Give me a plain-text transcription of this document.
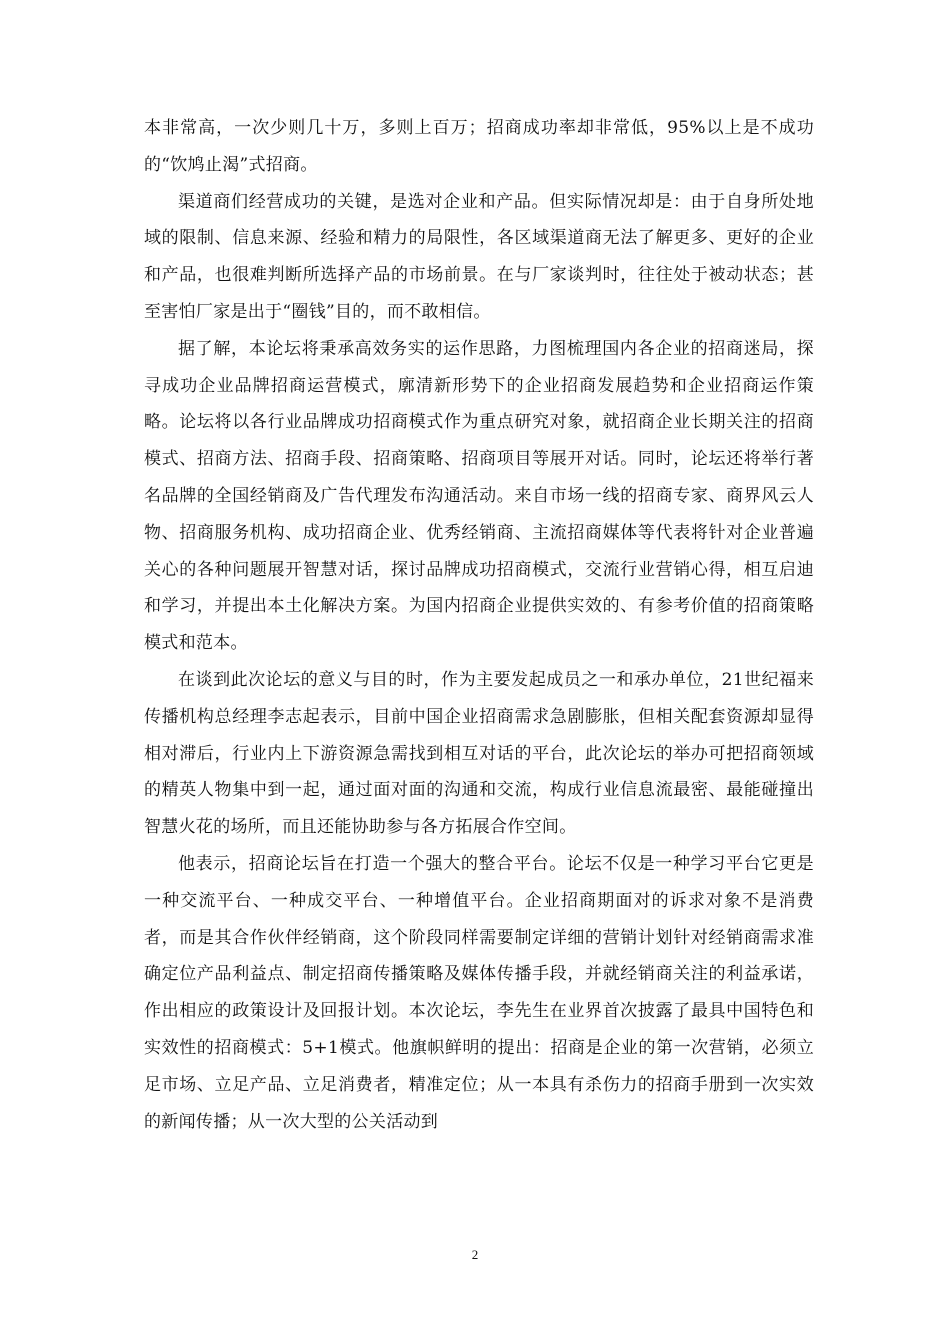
本非常高，一次少则几十万，多则上百万；招商成功率却非常低，95%以上是不成功的“饮鸠止渴”式招商。

渠道商们经营成功的关键，是选对企业和产品。但实际情况却是：由于自身所处地域的限制、信息来源、经验和精力的局限性，各区域渠道商无法了解更多、更好的企业和产品，也很难判断所选择产品的市场前景。在与厂家谈判时，往往处于被动状态；甚至害怕厂家是出于“圈钱”目的，而不敢相信。

据了解，本论坛将秉承高效务实的运作思路，力图梳理国内各企业的招商迷局，探寻成功企业品牌招商运营模式，廓清新形势下的企业招商发展趋势和企业招商运作策略。论坛将以各行业品牌成功招商模式作为重点研究对象，就招商企业长期关注的招商模式、招商方法、招商手段、招商策略、招商项目等展开对话。同时，论坛还将举行著名品牌的全国经销商及广告代理发布沟通活动。来自市场一线的招商专家、商界风云人物、招商服务机构、成功招商企业、优秀经销商、主流招商媒体等代表将针对企业普遍关心的各种问题展开智慧对话，探讨品牌成功招商模式，交流行业营销心得，相互启迪和学习，并提出本土化解决方案。为国内招商企业提供实效的、有参考价值的招商策略模式和范本。

在谈到此次论坛的意义与目的时，作为主要发起成员之一和承办单位，21世纪福来传播机构总经理李志起表示，目前中国企业招商需求急剧膨胀，但相关配套资源却显得相对滞后，行业内上下游资源急需找到相互对话的平台，此次论坛的举办可把招商领域的精英人物集中到一起，通过面对面的沟通和交流，构成行业信息流最密、最能碰撞出智慧火花的场所，而且还能协助参与各方拓展合作空间。

他表示，招商论坛旨在打造一个强大的整合平台。论坛不仅是一种学习平台它更是一种交流平台、一种成交平台、一种增值平台。企业招商期面对的诉求对象不是消费者，而是其合作伙伴经销商，这个阶段同样需要制定详细的营销计划针对经销商需求准确定位产品利益点、制定招商传播策略及媒体传播手段，并就经销商关注的利益承诺，作出相应的政策设计及回报计划。本次论坛，李先生在业界首次披露了最具中国特色和实效性的招商模式：5+1模式。他旗帜鲜明的提出：招商是企业的第一次营销，必须立足市场、立足产品、立足消费者，精准定位；从一本具有杀伤力的招商手册到一次实效的新闻传播；从一次大型的公关活动到

2
